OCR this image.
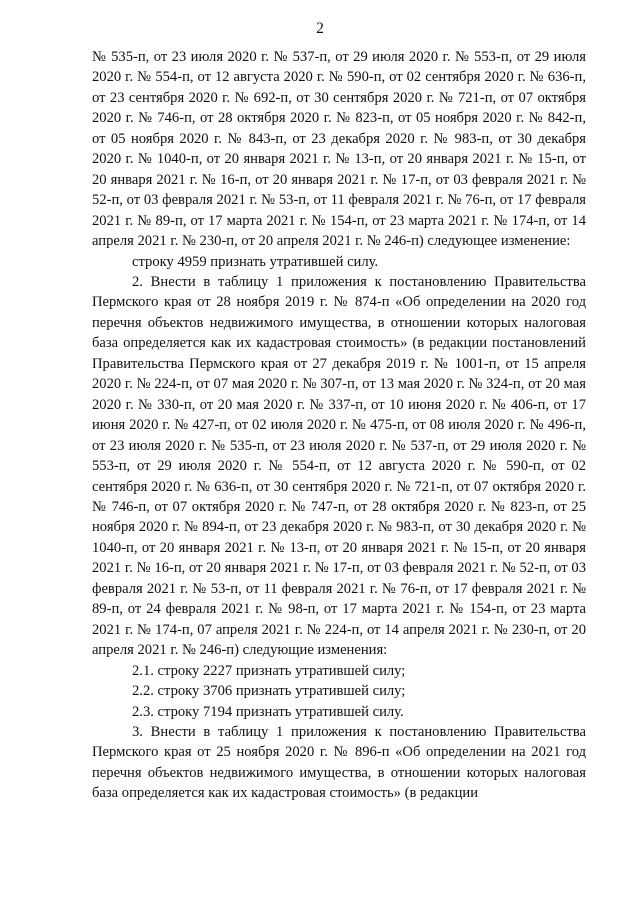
2

№ 535-п, от 23 июля 2020 г. № 537-п, от 29 июля 2020 г. № 553-п, от 29 июля 2020 г. № 554-п, от 12 августа 2020 г. № 590-п, от 02 сентября 2020 г. № 636-п, от 23 сентября 2020 г. № 692-п, от 30 сентября 2020 г. № 721-п, от 07 октября 2020 г. № 746-п, от 28 октября 2020 г. № 823-п, от 05 ноября 2020 г. № 842-п, от 05 ноября 2020 г. № 843-п, от 23 декабря 2020 г. № 983-п, от 30 декабря 2020 г. № 1040-п, от 20 января 2021 г. № 13-п, от 20 января 2021 г. № 15-п, от 20 января 2021 г. № 16-п, от 20 января 2021 г. № 17-п, от 03 февраля 2021 г. № 52-п, от 03 февраля 2021 г. № 53-п, от 11 февраля 2021 г. № 76-п, от 17 февраля 2021 г. № 89-п, от 17 марта 2021 г. № 154-п, от 23 марта 2021 г. № 174-п, от 14 апреля 2021 г. № 230-п, от 20 апреля 2021 г. № 246-п) следующее изменение:

строку 4959 признать утратившей силу.

2. Внести в таблицу 1 приложения к постановлению Правительства Пермского края от 28 ноября 2019 г. № 874-п «Об определении на 2020 год перечня объектов недвижимого имущества, в отношении которых налоговая база определяется как их кадастровая стоимость» (в редакции постановлений Правительства Пермского края от 27 декабря 2019 г. № 1001-п, от 15 апреля 2020 г. № 224-п, от 07 мая 2020 г. № 307-п, от 13 мая 2020 г. № 324-п, от 20 мая 2020 г. № 330-п, от 20 мая 2020 г. № 337-п, от 10 июня 2020 г. № 406-п, от 17 июня 2020 г. № 427-п, от 02 июля 2020 г. № 475-п, от 08 июля 2020 г. № 496-п, от 23 июля 2020 г. № 535-п, от 23 июля 2020 г. № 537-п, от 29 июля 2020 г. № 553-п, от 29 июля 2020 г. № 554-п, от 12 августа 2020 г. № 590-п, от 02 сентября 2020 г. № 636-п, от 30 сентября 2020 г. № 721-п, от 07 октября 2020 г. № 746-п, от 07 октября 2020 г. № 747-п, от 28 октября 2020 г. № 823-п, от 25 ноября 2020 г. № 894-п, от 23 декабря 2020 г. № 983-п, от 30 декабря 2020 г. № 1040-п, от 20 января 2021 г. № 13-п, от 20 января 2021 г. № 15-п, от 20 января 2021 г. № 16-п, от 20 января 2021 г. № 17-п, от 03 февраля 2021 г. № 52-п, от 03 февраля 2021 г. № 53-п, от 11 февраля 2021 г. № 76-п, от 17 февраля 2021 г. № 89-п, от 24 февраля 2021 г. № 98-п, от 17 марта 2021 г. № 154-п, от 23 марта 2021 г. № 174-п, 07 апреля 2021 г. № 224-п, от 14 апреля 2021 г. № 230-п, от 20 апреля 2021 г. № 246-п) следующие изменения:

2.1. строку 2227 признать утратившей силу;

2.2. строку 3706 признать утратившей силу;

2.3. строку 7194 признать утратившей силу.

3. Внести в таблицу 1 приложения к постановлению Правительства Пермского края от 25 ноября 2020 г. № 896-п «Об определении на 2021 год перечня объектов недвижимого имущества, в отношении которых налоговая база определяется как их кадастровая стоимость» (в редакции
